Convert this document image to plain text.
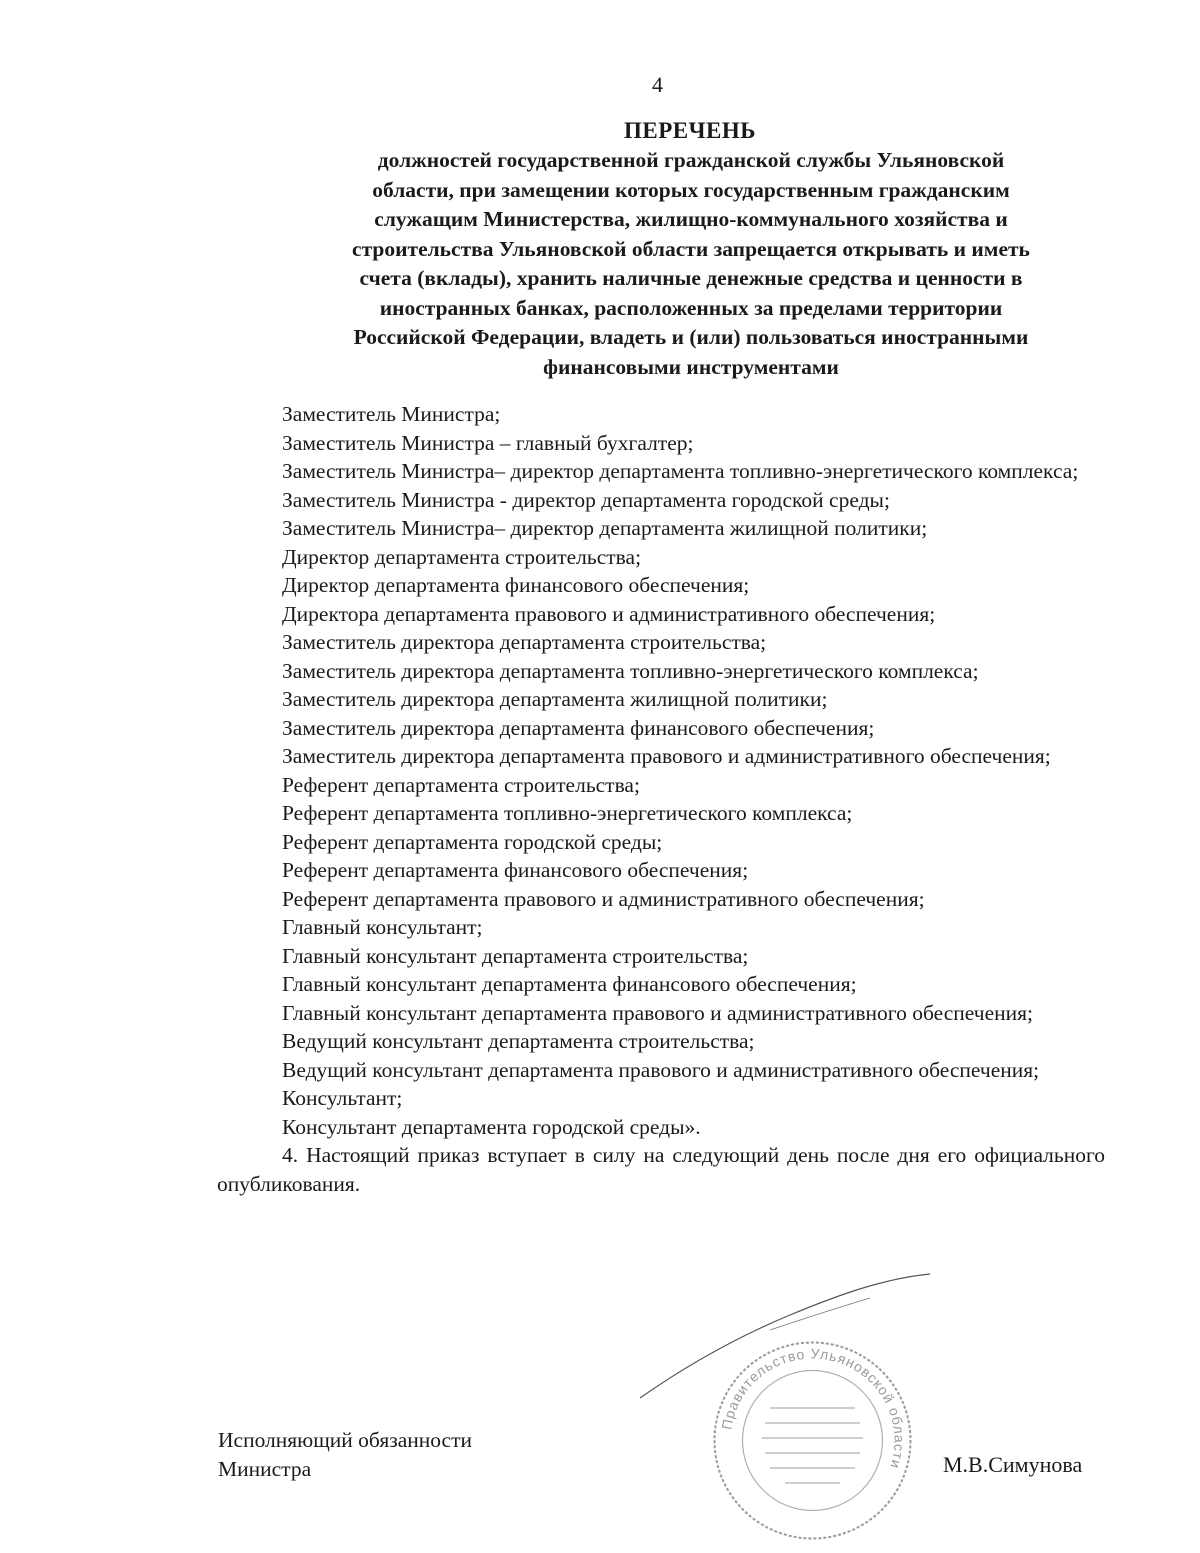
4
ПЕРЕЧЕНЬ
должностей государственной гражданской службы Ульяновской
области, при замещении которых государственным гражданским
служащим Министерства, жилищно-коммунального хозяйства и
строительства Ульяновской области запрещается открывать и иметь
счета (вклады), хранить наличные денежные средства и ценности в
иностранных банках, расположенных за пределами территории
Российской Федерации, владеть и (или) пользоваться иностранными
финансовыми инструментами

Заместитель Министра;

Заместитель Министра – главный бухгалтер;

Заместитель Министра– директор департамента топливно-энергетического комплекса;

Заместитель Министра - директор департамента городской среды;

Заместитель Министра– директор департамента жилищной политики;

Директор департамента строительства;

Директор департамента финансового обеспечения;

Директора департамента правового и административного обеспечения;

Заместитель директора департамента строительства;

Заместитель директора департамента топливно-энергетического комплекса;

Заместитель директора департамента жилищной политики;

Заместитель директора департамента финансового обеспечения;

Заместитель директора департамента правового и административного обеспечения;

Референт департамента строительства;

Референт департамента топливно-энергетического комплекса;

Референт департамента городской среды;

Референт департамента финансового обеспечения;

Референт департамента правового и административного обеспечения;

Главный консультант;

Главный консультант департамента строительства;

Главный консультант департамента финансового обеспечения;

Главный консультант департамента правового и административного обеспечения;

Ведущий консультант департамента строительства;

Ведущий консультант департамента правового и административного обеспечения;

Консультант;

Консультант департамента городской среды».

4. Настоящий приказ вступает в силу на следующий день после дня его официального опубликования.

Правительство Ульяновской области
Исполняющий обязанности
Министра	М.В.Симунова
